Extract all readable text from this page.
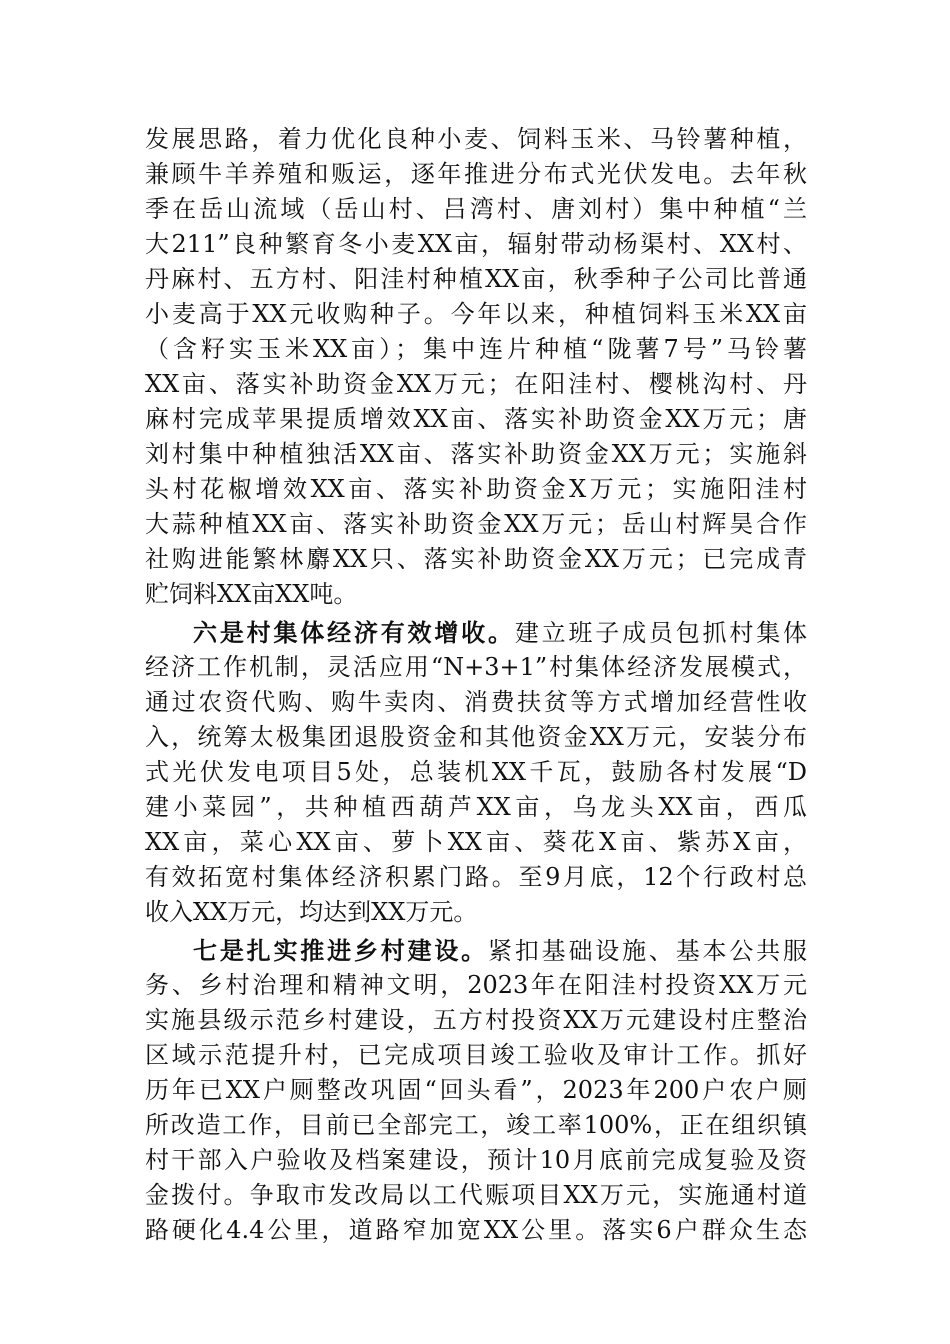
发展思路，着力优化良种小麦、饲料玉米、马铃薯种植，
兼顾牛羊养殖和贩运，逐年推进分布式光伏发电。去年秋
季在岳山流域（岳山村、吕湾村、唐刘村）集中种植“兰
大211”良种繁育冬小麦XX亩，辐射带动杨渠村、XX村、
丹麻村、五方村、阳洼村种植XX亩，秋季种子公司比普通
小麦高于XX元收购种子。今年以来，种植饲料玉米XX亩
（含籽实玉米XX亩）；集中连片种植“陇薯7号”马铃薯
XX亩、落实补助资金XX万元；在阳洼村、樱桃沟村、丹
麻村完成苹果提质增效XX亩、落实补助资金XX万元；唐
刘村集中种植独活XX亩、落实补助资金XX万元；实施斜
头村花椒增效XX亩、落实补助资金X万元；实施阳洼村
大蒜种植XX亩、落实补助资金XX万元；岳山村辉昊合作
社购进能繁林麝XX只、落实补助资金XX万元；已完成青
贮饲料XX亩XX吨。
六是村集体经济有效增收。建立班子成员包抓村集体
经济工作机制，灵活应用“N+3+1”村集体经济发展模式，
通过农资代购、购牛卖肉、消费扶贫等方式增加经营性收
入，统筹太极集团退股资金和其他资金XX万元，安装分布
式光伏发电项目5处，总装机XX千瓦，鼓励各村发展“D
建小菜园”，共种植西葫芦XX亩，乌龙头XX亩，西瓜
XX亩，菜心XX亩、萝卜XX亩、葵花X亩、紫苏X亩，
有效拓宽村集体经济积累门路。至9月底，12个行政村总
收入XX万元，均达到XX万元。
七是扎实推进乡村建设。紧扣基础设施、基本公共服
务、乡村治理和精神文明，2023年在阳洼村投资XX万元
实施县级示范乡村建设，五方村投资XX万元建设村庄整治
区域示范提升村，已完成项目竣工验收及审计工作。抓好
历年已XX户厕整改巩固“回头看”，2023年200户农户厕
所改造工作，目前已全部完工，竣工率100%，正在组织镇
村干部入户验收及档案建设，预计10月底前完成复验及资
金拨付。争取市发改局以工代赈项目XX万元，实施通村道
路硬化4.4公里，道路窄加宽XX公里。落实6户群众生态
